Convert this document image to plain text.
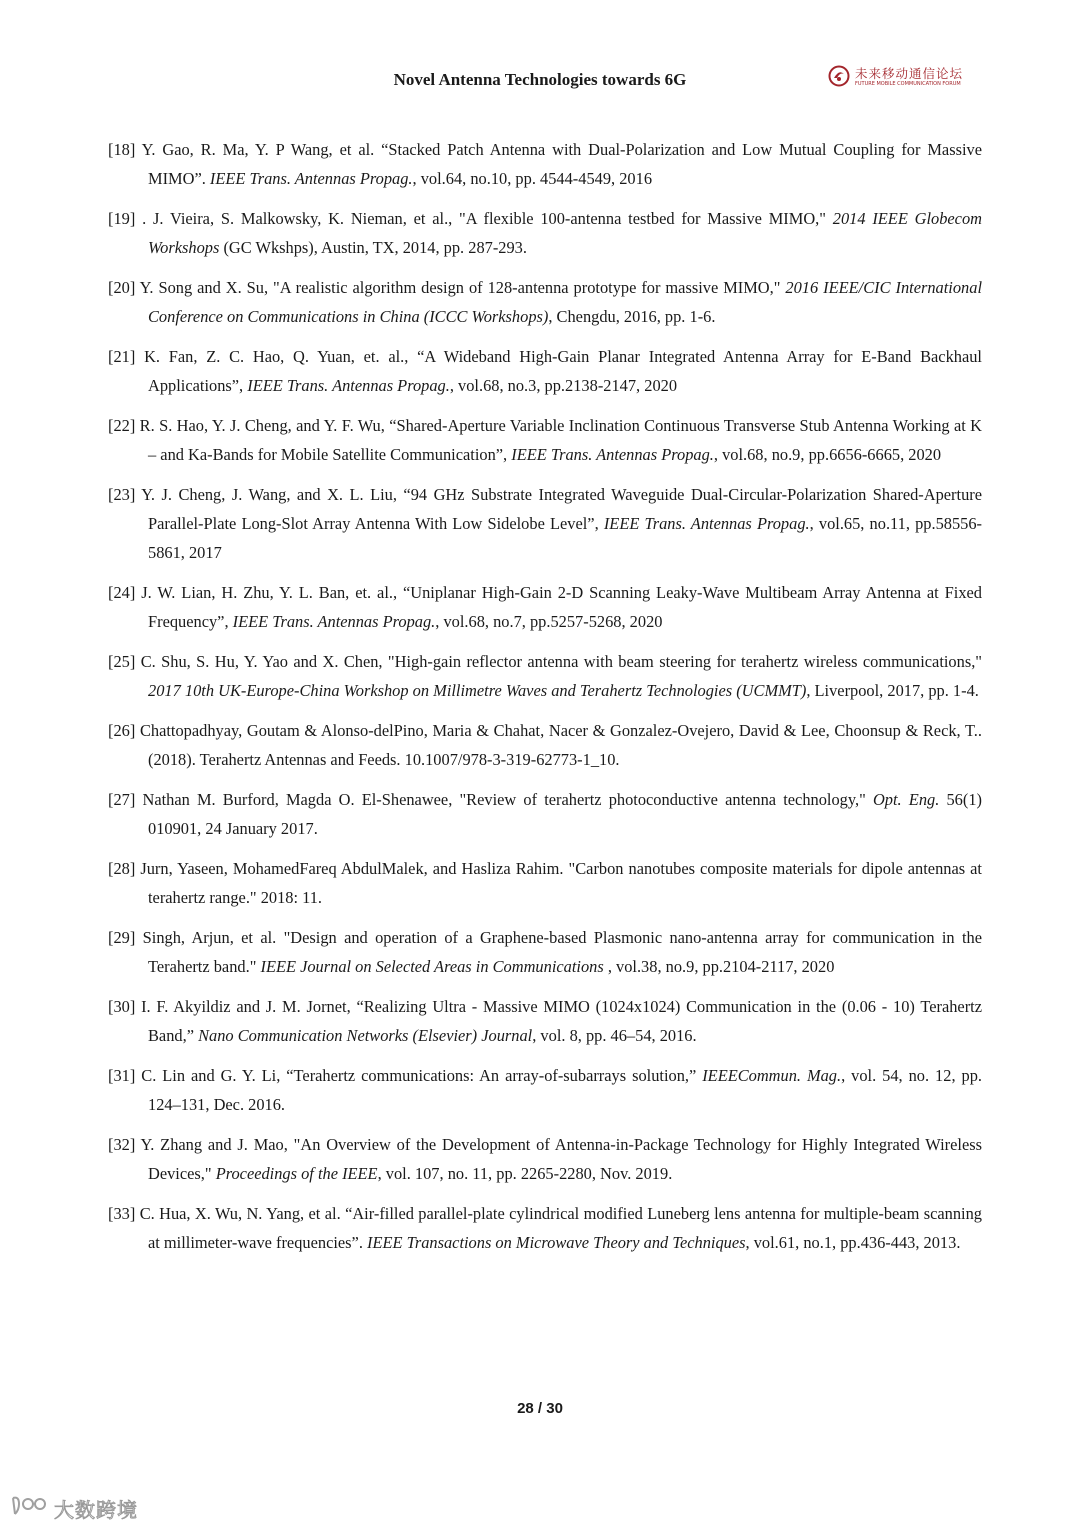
Novel Antenna Technologies towards 6G	未来移动通信论坛
FUTURE MOBILE COMMUNICATION FORUM
[18] Y. Gao, R. Ma, Y. P Wang, et al. “Stacked Patch Antenna with Dual-Polarization and Low Mutual Coupling for Massive MIMO”. IEEE Trans. Antennas Propag., vol.64, no.10, pp. 4544-4549, 2016
[19] . J. Vieira, S. Malkowsky, K. Nieman, et al., "A flexible 100-antenna testbed for Massive MIMO," 2014 IEEE Globecom Workshops (GC Wkshps), Austin, TX, 2014, pp. 287-293.
[20] Y. Song and X. Su, "A realistic algorithm design of 128-antenna prototype for massive MIMO," 2016 IEEE/CIC International Conference on Communications in China (ICCC Workshops), Chengdu, 2016, pp. 1-6.
[21] K. Fan, Z. C. Hao, Q. Yuan, et. al., “A Wideband High-Gain Planar Integrated Antenna Array for E-Band Backhaul Applications”, IEEE Trans. Antennas Propag., vol.68, no.3, pp.2138-2147, 2020
[22] R. S. Hao, Y. J. Cheng, and Y. F. Wu, “Shared-Aperture Variable Inclination Continuous Transverse Stub Antenna Working at K – and Ka-Bands for Mobile Satellite Communication”, IEEE Trans. Antennas Propag., vol.68, no.9, pp.6656-6665, 2020
[23] Y. J. Cheng, J. Wang, and X. L. Liu, “94 GHz Substrate Integrated Waveguide Dual-Circular-Polarization Shared-Aperture Parallel-Plate Long-Slot Array Antenna With Low Sidelobe Level”, IEEE Trans. Antennas Propag., vol.65, no.11, pp.58556-5861, 2017
[24] J. W. Lian, H. Zhu, Y. L. Ban, et. al., “Uniplanar High-Gain 2-D Scanning Leaky-Wave Multibeam Array Antenna at Fixed Frequency”, IEEE Trans. Antennas Propag., vol.68, no.7, pp.5257-5268, 2020
[25] C. Shu, S. Hu, Y. Yao and X. Chen, "High-gain reflector antenna with beam steering for terahertz wireless communications," 2017 10th UK-Europe-China Workshop on Millimetre Waves and Terahertz Technologies (UCMMT), Liverpool, 2017, pp. 1-4.
[26] Chattopadhyay, Goutam & Alonso-delPino, Maria & Chahat, Nacer & Gonzalez-Ovejero, David & Lee, Choonsup & Reck, T.. (2018). Terahertz Antennas and Feeds. 10.1007/978-3-319-62773-1_10.
[27] Nathan M. Burford, Magda O. El-Shenawee, "Review of terahertz photoconductive antenna technology," Opt. Eng. 56(1) 010901, 24 January 2017.
[28] Jurn, Yaseen, MohamedFareq AbdulMalek, and Hasliza Rahim. "Carbon nanotubes composite materials for dipole antennas at terahertz range." 2018: 11.
[29] Singh, Arjun, et al. "Design and operation of a Graphene-based Plasmonic nano-antenna array for communication in the Terahertz band." IEEE Journal on Selected Areas in Communications , vol.38, no.9, pp.2104-2117, 2020
[30] I. F. Akyildiz and J. M. Jornet, “Realizing Ultra - Massive MIMO (1024x1024) Communication in the (0.06 - 10) Terahertz Band,” Nano Communication Networks (Elsevier) Journal, vol. 8, pp. 46–54, 2016.
[31] C. Lin and G. Y. Li, “Terahertz communications: An array-of-subarrays solution,” IEEECommun. Mag., vol. 54, no. 12, pp. 124–131, Dec. 2016.
[32] Y. Zhang and J. Mao, "An Overview of the Development of Antenna-in-Package Technology for Highly Integrated Wireless Devices," Proceedings of the IEEE, vol. 107, no. 11, pp. 2265-2280, Nov. 2019.
[33] C. Hua, X. Wu, N. Yang, et al. “Air-filled parallel-plate cylindrical modified Luneberg lens antenna for multiple-beam scanning at millimeter-wave frequencies”. IEEE Transactions on Microwave Theory and Techniques, vol.61, no.1, pp.436-443, 2013.
28 / 30
大数跨境
